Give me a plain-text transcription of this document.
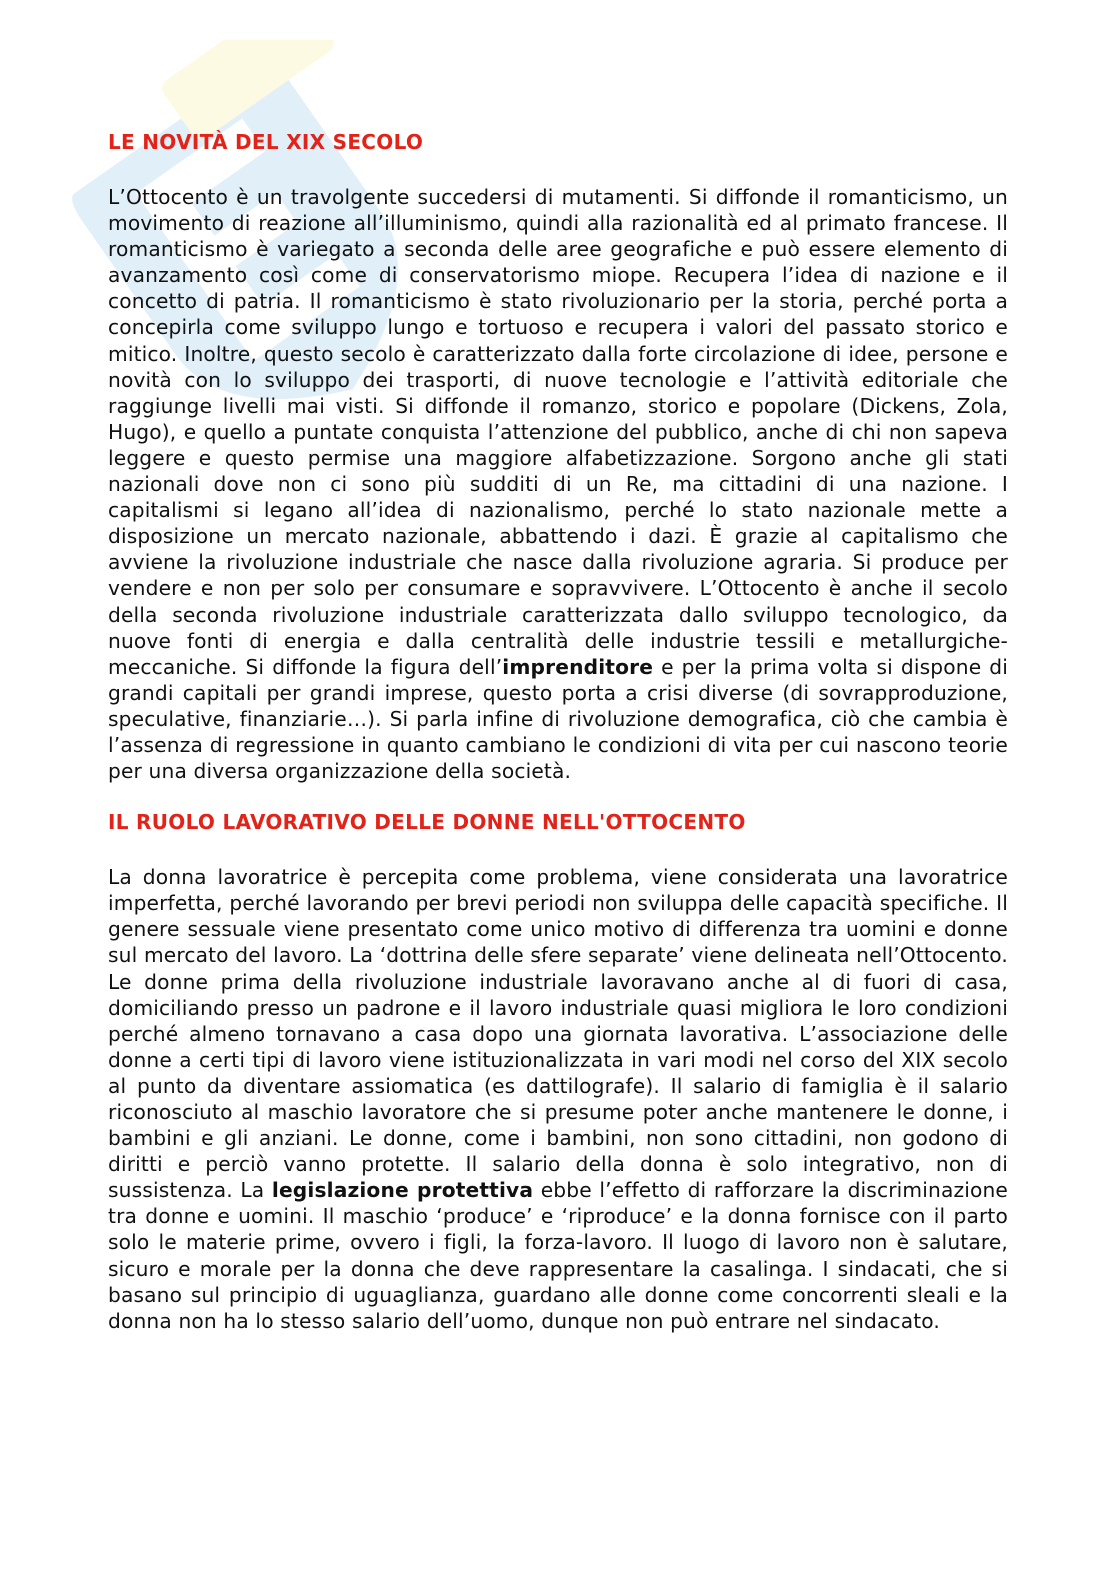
LE NOVITÀ DEL XIX SECOLO

L’Ottocento è un travolgente succedersi di mutamenti. Si diffonde il romanticismo, un movimento di reazione all’illuminismo, quindi alla razionalità ed al primato francese. Il romanticismo è variegato a seconda delle aree geografiche e può essere elemento di avanzamento così come di conservatorismo miope. Recupera l’idea di nazione e il concetto di patria. Il romanticismo è stato rivoluzionario per la storia, perché porta a concepirla come sviluppo lungo e tortuoso e recupera i valori del passato storico e mitico. Inoltre, questo secolo è caratterizzato dalla forte circolazione di idee, persone e novità con lo sviluppo dei trasporti, di nuove tecnologie e l’attività editoriale che raggiunge livelli mai visti. Si diffonde il romanzo, storico e popolare (Dickens, Zola, Hugo), e quello a puntate conquista l’attenzione del pubblico, anche di chi non sapeva leggere e questo permise una maggiore alfabetizzazione. Sorgono anche gli stati nazionali dove non ci sono più sudditi di un Re, ma cittadini di una nazione. I capitalismi si legano all’idea di nazionalismo, perché lo stato nazionale mette a disposizione un mercato nazionale, abbattendo i dazi. È grazie al capitalismo che avviene la rivoluzione industriale che nasce dalla rivoluzione agraria. Si produce per vendere e non per solo per consumare e sopravvivere. L’Ottocento è anche il secolo della seconda rivoluzione industriale caratterizzata dallo sviluppo tecnologico, da nuove fonti di energia e dalla centralità delle industrie tessili e metallurgiche-meccaniche. Si diffonde la figura dell’imprenditore e per la prima volta si dispone di grandi capitali per grandi imprese, questo porta a crisi diverse (di sovrapproduzione, speculative, finanziarie…). Si parla infine di rivoluzione demografica, ciò che cambia è l’assenza di regressione in quanto cambiano le condizioni di vita per cui nascono teorie per una diversa organizzazione della società.

IL RUOLO LAVORATIVO DELLE DONNE NELL'OTTOCENTO

La donna lavoratrice è percepita come problema, viene considerata una lavoratrice imperfetta, perché lavorando per brevi periodi non sviluppa delle capacità specifiche. Il genere sessuale viene presentato come unico motivo di differenza tra uomini e donne sul mercato del lavoro. La ‘dottrina delle sfere separate’ viene delineata nell’Ottocento. Le donne prima della rivoluzione industriale lavoravano anche al di fuori di casa, domiciliando presso un padrone e il lavoro industriale quasi migliora le loro condizioni perché almeno tornavano a casa dopo una giornata lavorativa. L’associazione delle donne a certi tipi di lavoro viene istituzionalizzata in vari modi nel corso del XIX secolo al punto da diventare assiomatica (es dattilografe). Il salario di famiglia è il salario riconosciuto al maschio lavoratore che si presume poter anche mantenere le donne, i bambini e gli anziani. Le donne, come i bambini, non sono cittadini, non godono di diritti e perciò vanno protette. Il salario della donna è solo integrativo, non di sussistenza. La legislazione protettiva ebbe l’effetto di rafforzare la discriminazione tra donne e uomini. Il maschio ‘produce’ e ‘riproduce’ e la donna fornisce con il parto solo le materie prime, ovvero i figli, la forza-lavoro. Il luogo di lavoro non è salutare, sicuro e morale per la donna che deve rappresentare la casalinga. I sindacati, che si basano sul principio di uguaglianza, guardano alle donne come concorrenti sleali e la donna non ha lo stesso salario dell’uomo, dunque non può entrare nel sindacato.
